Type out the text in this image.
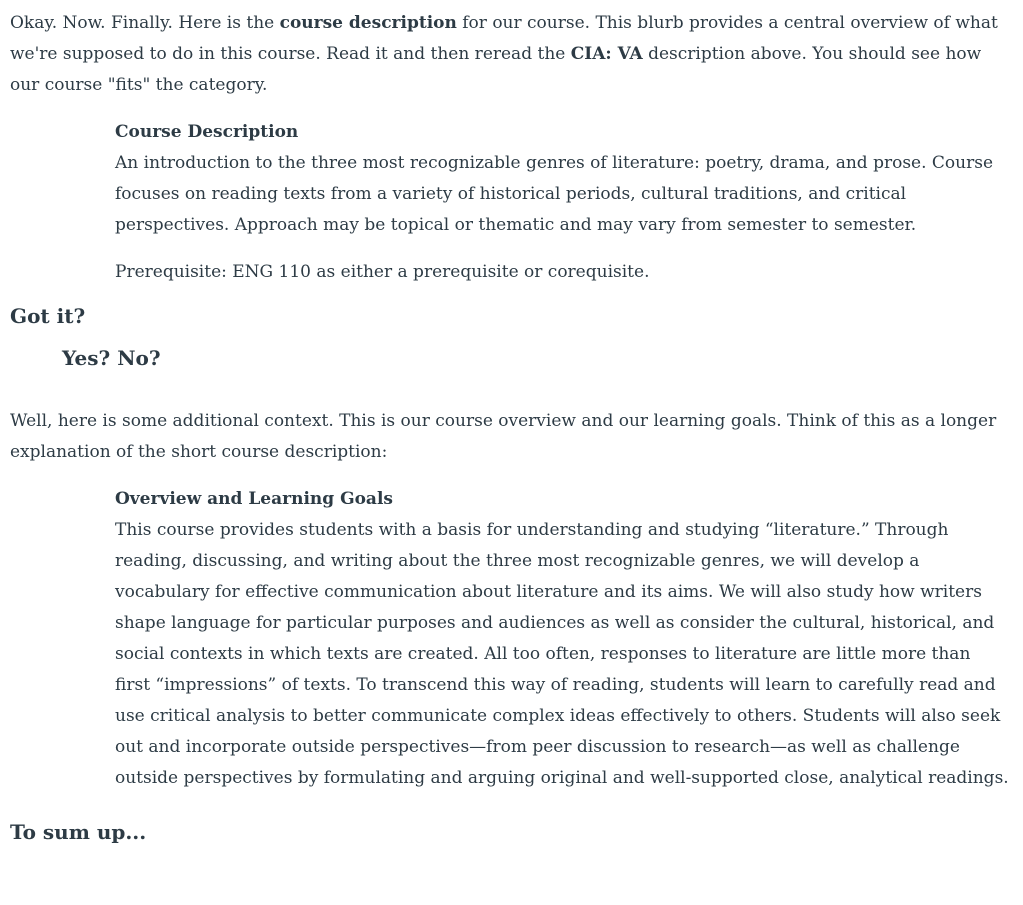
Okay. Now. Finally. Here is the course description for our course. This blurb provides a central overview of what we're supposed to do in this course. Read it and then reread the CIA: VA description above. You should see how our course "fits" the category.

Course Description
An introduction to the three most recognizable genres of literature: poetry, drama, and prose. Course focuses on reading texts from a variety of historical periods, cultural traditions, and critical perspectives. Approach may be topical or thematic and may vary from semester to semester.

Prerequisite: ENG 110 as either a prerequisite or corequisite.

Got it?
Yes? No?

Well, here is some additional context. This is our course overview and our learning goals. Think of this as a longer explanation of the short course description:

Overview and Learning Goals
This course provides students with a basis for understanding and studying “literature.” Through reading, discussing, and writing about the three most recognizable genres, we will develop a vocabulary for effective communication about literature and its aims. We will also study how writers shape language for particular purposes and audiences as well as consider the cultural, historical, and social contexts in which texts are created. All too often, responses to literature are little more than first “impressions” of texts. To transcend this way of reading, students will learn to carefully read and use critical analysis to better communicate complex ideas effectively to others. Students will also seek out and incorporate outside perspectives—from peer discussion to research—as well as challenge outside perspectives by formulating and arguing original and well-supported close, analytical readings.

To sum up...
